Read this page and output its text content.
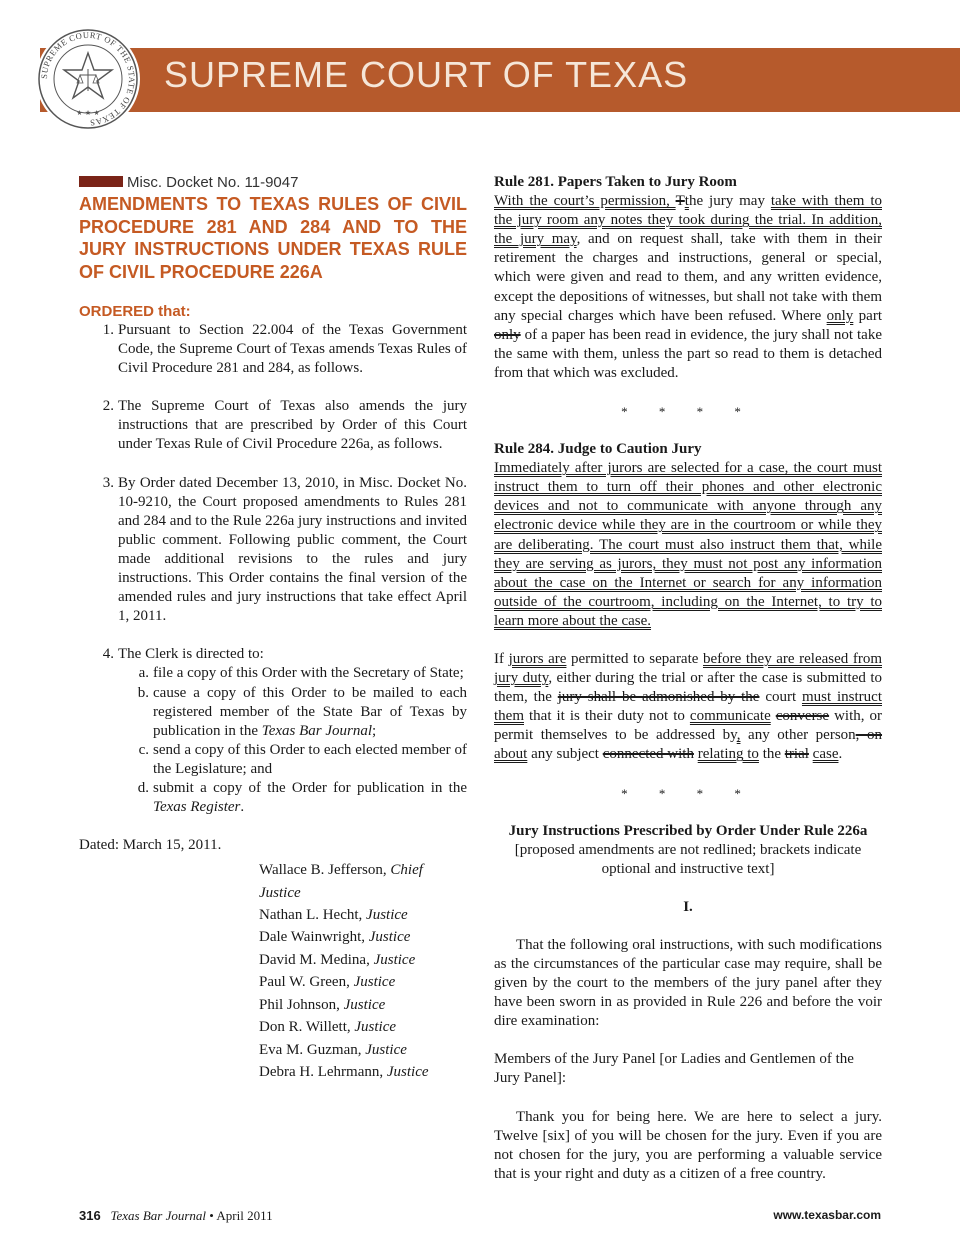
SUPREME COURT OF TEXAS
SUPREME COURT OF THE STATE OF TEXAS
★ ★ ★
Misc. Docket No. 11-9047
AMENDMENTS TO TEXAS RULES OF CIVIL PROCEDURE 281 AND 284 AND TO THE JURY INSTRUCTIONS UNDER TEXAS RULE OF CIVIL PROCEDURE 226A
ORDERED that:
1. Pursuant to Section 22.004 of the Texas Government Code, the Supreme Court of Texas amends Texas Rules of Civil Procedure 281 and 284, as follows.
2. The Supreme Court of Texas also amends the jury instructions that are prescribed by Order of this Court under Texas Rule of Civil Procedure 226a, as follows.
3. By Order dated December 13, 2010, in Misc. Docket No. 10-9210, the Court proposed amendments to Rules 281 and 284 and to the Rule 226a jury instructions and invited public comment. Following public comment, the Court made additional revisions to the rules and jury instructions. This Order contains the final version of the amended rules and jury instructions that take effect April 1, 2011.
4. The Clerk is directed to:
a. file a copy of this Order with the Secretary of State;
b. cause a copy of this Order to be mailed to each registered member of the State Bar of Texas by publication in the Texas Bar Journal;
c. send a copy of this Order to each elected member of the Legislature; and
d. submit a copy of the Order for publication in the Texas Register.
Dated: March 15, 2011.
Wallace B. Jefferson, Chief Justice
Nathan L. Hecht, Justice
Dale Wainwright, Justice
David M. Medina, Justice
Paul W. Green, Justice
Phil Johnson, Justice
Don R. Willett, Justice
Eva M. Guzman, Justice
Debra H. Lehrmann, Justice
Rule 281. Papers Taken to Jury Room

With the court’s permission, Tthe jury may take with them to the jury room any notes they took during the trial. In addition, the jury may, and on request shall, take with them in their retirement the charges and instructions, general or special, which were given and read to them, and any written evidence, except the depositions of witnesses, but shall not take with them any special charges which have been refused. Where only part only of a paper has been read in evidence, the jury shall not take the same with them, unless the part so read to them is detached from that which was excluded.

* * * *
Rule 284. Judge to Caution Jury

Immediately after jurors are selected for a case, the court must instruct them to turn off their phones and other electronic devices and not to communicate with anyone through any electronic device while they are in the courtroom or while they are deliberating. The court must also instruct them that, while they are serving as jurors, they must not post any information about the case on the Internet or search for any information outside of the courtroom, including on the Internet, to try to learn more about the case.

If jurors are permitted to separate before they are released from jury duty, either during the trial or after the case is submitted to them, the jury shall be admonished by the court must instruct them that it is their duty not to communicate converse with, or permit themselves to be addressed by, any other person, on about any subject connected with relating to the trial case.

* * * *
Jury Instructions Prescribed by Order Under Rule 226a
[proposed amendments are not redlined; brackets indicate optional and instructive text]
I.

That the following oral instructions, with such modifications as the circumstances of the particular case may require, shall be given by the court to the members of the jury panel after they have been sworn in as provided in Rule 226 and before the voir dire examination:

Members of the Jury Panel [or Ladies and Gentlemen of the Jury Panel]:

Thank you for being here. We are here to select a jury. Twelve [six] of you will be chosen for the jury. Even if you are not chosen for the jury, you are performing a valuable service that is your right and duty as a citizen of a free country.

316 Texas Bar Journal • April 2011	www.texasbar.com
